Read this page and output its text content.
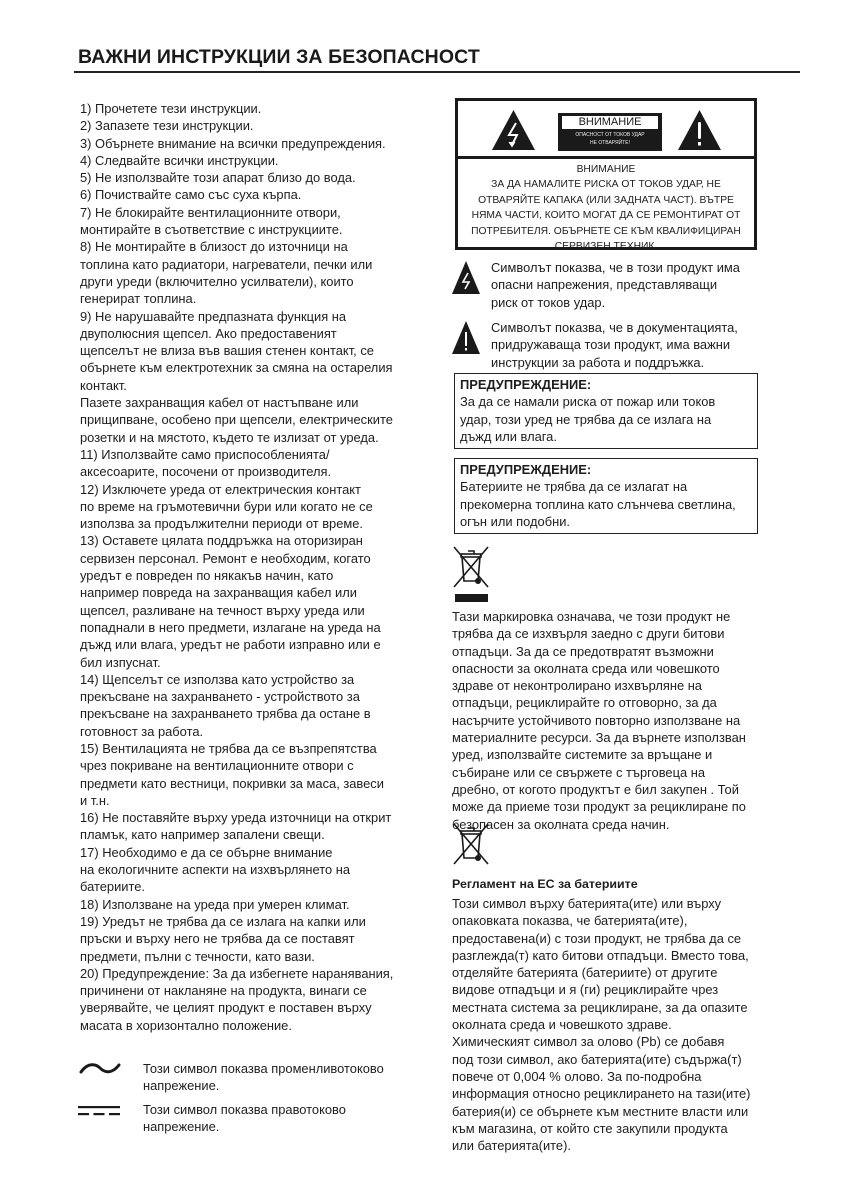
ВАЖНИ ИНСТРУКЦИИ ЗА БЕЗОПАСНОСТ
1) Прочетете тези инструкции.
2) Запазете тези инструкции.
3) Обърнете внимание на всички предупреждения.
4) Следвайте всички инструкции.
5) Не използвайте този апарат близо до вода.
6) Почиствайте само със суха кърпа.
7) Не блокирайте вентилационните отвори,
монтирайте в съответствие с инструкциите.
8) Не монтирайте в близост до източници на
топлина като радиатори, нагреватели, печки или
други уреди (включително усилватели), които
генерират топлина.
9) Не нарушавайте предпазната функция на
двуполюсния щепсел. Ако предоставеният
щепселът не влиза във вашия стенен контакт, се
обърнете към електротехник за смяна на остарелия
контакт.
Пазете захранващия кабел от настъпване или
прищипване, особено при щепсели, електрическите
розетки и на мястото, където те излизат от уреда.
11) Използвайте само приспособленията/
аксесоарите, посочени от производителя.
12) Изключете уреда от електрическия контакт
по време на гръмотевични бури или когато не се
използва за продължителни периоди от време.
13) Оставете цялата поддръжка на оторизиран
сервизен персонал. Ремонт е необходим, когато
уредът е повреден по някакъв начин, като
например повреда на захранващия кабел или
щепсел, разливане на течност върху уреда или
попаднали в него предмети, излагане на уреда на
дъжд или влага, уредът не работи изправно или е
бил изпуснат.
14) Щепселът се използва като устройство за
прекъсване на захранването - устройството за
прекъсване на захранването трябва да остане в
готовност за работа.
15) Вентилацията не трябва да се възпрепятства
чрез покриване на вентилационните отвори с
предмети като вестници, покривки за маса, завеси
и т.н.
16) Не поставяйте върху уреда източници на открит
пламък, като например запалени свещи.
17) Необходимо е да се обърне внимание
на екологичните аспекти на изхвърлянето на
батериите.
18) Използване на уреда при умерен климат.
19) Уредът не трябва да се излага на капки или
пръски и върху него не трябва да се поставят
предмети, пълни с течности, като вази.
20) Предупреждение: За да избегнете наранявания,
причинени от накланяне на продукта, винаги се
уверявайте, че целият продукт е поставен върху
масата в хоризонтално положение.
Този символ показва променливотоково
напрежение.
Този символ показва правотоково
напрежение.
ВНИМАНИЕ
ОПАСНОСТ ОТ ТОКОВ УДАР
НЕ ОТВАРЯЙТЕ!
ВНИМАНИЕ
ЗА ДА НАМАЛИТЕ РИСКА ОТ ТОКОВ УДАР, НЕ
ОТВАРЯЙТЕ КАПАКА (ИЛИ ЗАДНАТА ЧАСТ). ВЪТРЕ
НЯМА ЧАСТИ, КОИТО МОГАТ ДА СЕ РЕМОНТИРАТ ОТ
ПОТРЕБИТЕЛЯ. ОБЪРНЕТЕ СЕ КЪМ КВАЛИФИЦИРАН
СЕРВИЗЕН ТЕХНИК.
Символът показва, че в този продукт има
опасни напрежения, представляващи
риск от токов удар.
Символът показва, че в документацията,
придружаваща този продукт, има важни
инструкции за работа и поддръжка.
ПРЕДУПРЕЖДЕНИЕ:
За да се намали риска от пожар или токов
удар, този уред не трябва да се излага на
дъжд или влага.
ПРЕДУПРЕЖДЕНИЕ:
Батериите не трябва да се излагат на
прекомерна топлина като слънчева светлина,
огън или подобни.
Тази маркировка означава, че този продукт не
трябва да се изхвърля заедно с други битови
отпадъци. За да се предотвратят възможни
опасности за околната среда или човешкото
здраве от неконтролирано изхвърляне на
отпадъци, рециклирайте го отговорно, за да
насърчите устойчивото повторно използване на
материалните ресурси. За да върнете използван
уред, използвайте системите за връщане и
събиране или се свържете с търговеца на
дребно, от когото продуктът е бил закупен . Той
може да приеме този продукт за рециклиране по
безопасен за околната среда начин.
Регламент на ЕС за батериите
Този символ върху батерията(ите) или върху
опаковката показва, че батерията(ите),
предоставена(и) с този продукт, не трябва да се
разглежда(т) като битови отпадъци. Вместо това,
отделяйте батерията (батериите) от другите
видове отпадъци и я (ги) рециклирайте чрез
местната система за рециклиране, за да опазите
околната среда и човешкото здраве.
Химическият символ за олово (Pb) се добавя
под този символ, ако батерията(ите) съдържа(т)
повече от 0,004 % олово. За по-подробна
информация относно рециклирането на тази(ите)
батерия(и) се обърнете към местните власти или
към магазина, от който сте закупили продукта
или батерията(ите).
